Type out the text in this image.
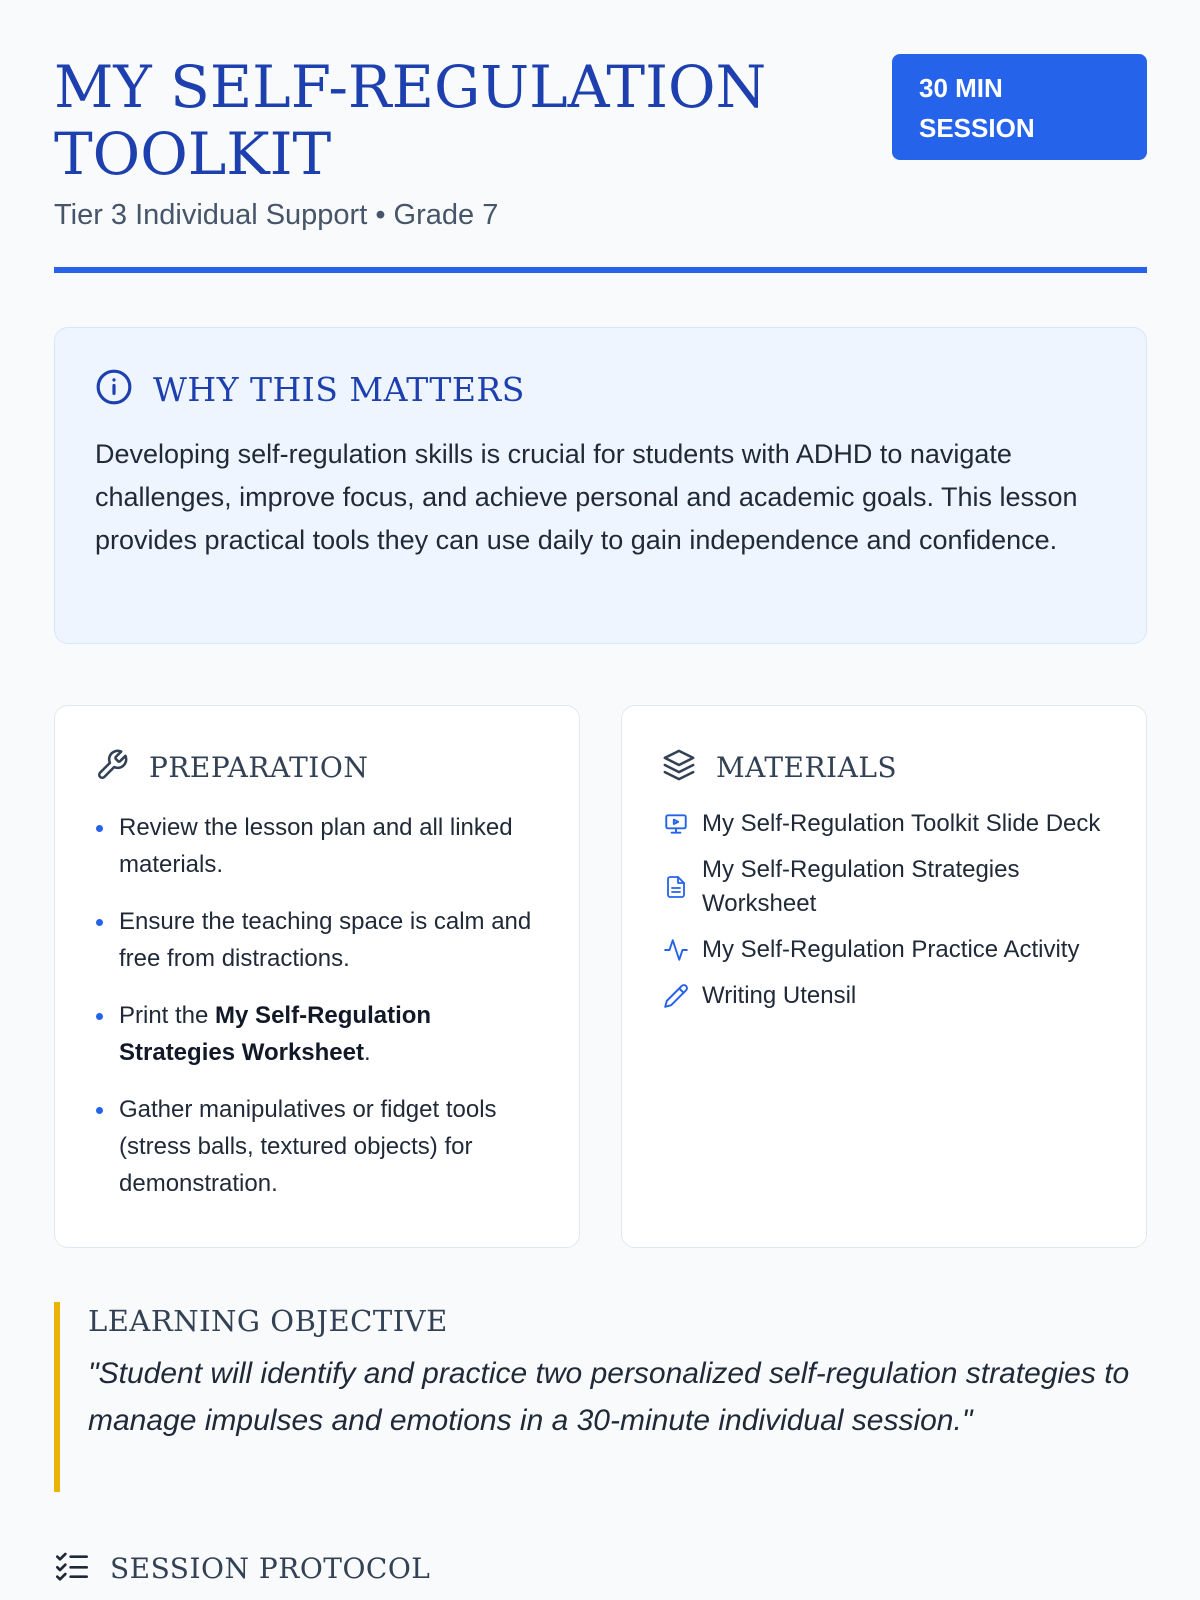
MY SELF-REGULATION TOOLKIT
Tier 3 Individual Support • Grade 7
30 MIN
SESSION
WHY THIS MATTERS
Developing self-regulation skills is crucial for students with ADHD to navigate challenges, improve focus, and achieve personal and academic goals. This lesson provides practical tools they can use daily to gain independence and confidence.
PREPARATION
Review the lesson plan and all linked materials.
Ensure the teaching space is calm and free from distractions.
Print the My Self-Regulation Strategies Worksheet.
Gather manipulatives or fidget tools (stress balls, textured objects) for demonstration.
MATERIALS
My Self-Regulation Toolkit Slide Deck
My Self-Regulation Strategies Worksheet
My Self-Regulation Practice Activity
Writing Utensil
LEARNING OBJECTIVE
"Student will identify and practice two personalized self-regulation strategies to manage impulses and emotions in a 30-minute individual session."
SESSION PROTOCOL
